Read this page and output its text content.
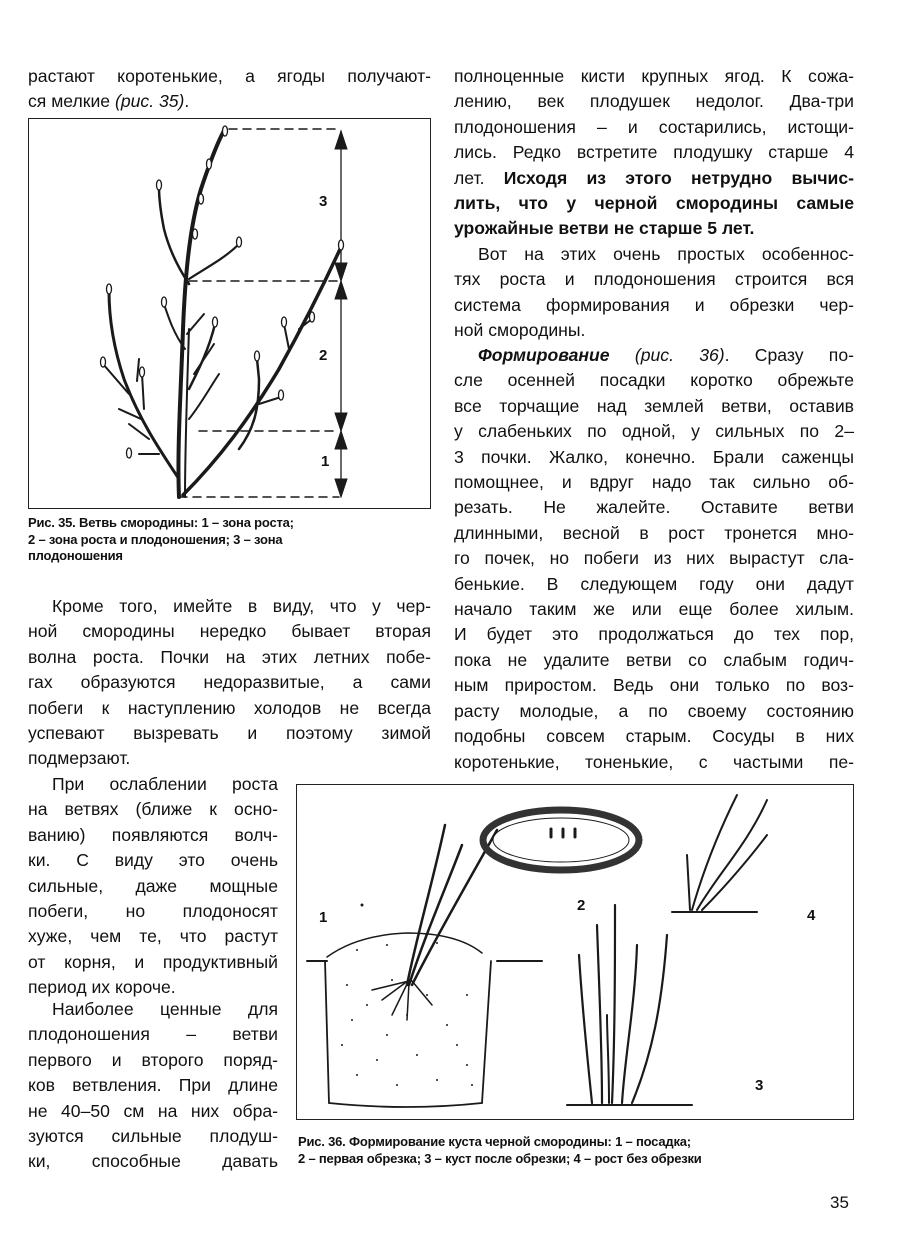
растают коротенькие, а ягоды получают-
ся мелкие (рис. 35).
3
2
1
Рис. 35. Ветвь смородины: 1 – зона роста;
2 – зона роста и плодоношения; 3 – зона
плодоношения
Кроме того, имейте в виду, что у чер-
ной смородины нередко бывает вторая
волна роста. Почки на этих летних побе-
гах образуются недоразвитые, а сами
побеги к наступлению холодов не всегда
успевают вызревать и поэтому зимой
подмерзают.
При ослаблении роста
на ветвях (ближе к осно-
ванию) появляются волч-
ки. С виду это очень
сильные, даже мощные
побеги, но плодоносят
хуже, чем те, что растут
от корня, и продуктивный
период их короче.
Наиболее ценные для
плодоношения – ветви
первого и второго поряд-
ков ветвления. При длине
не 40–50 см на них обра-
зуются сильные плодуш-
ки, способные давать
полноценные кисти крупных ягод. К сожа-
лению, век плодушек недолог. Два-три
плодоношения – и состарились, истощи-
лись. Редко встретите плодушку старше 4
лет. Исходя из этого нетрудно вычис-
лить, что у черной смородины самые
урожайные ветви не старше 5 лет.
Вот на этих очень простых особеннос-
тях роста и плодоношения строится вся
система формирования и обрезки чер-
ной смородины.
Формирование (рис. 36). Сразу по-
сле осенней посадки коротко обрежьте
все торчащие над землей ветви, оставив
у слабеньких по одной, у сильных по 2–
3 почки. Жалко, конечно. Брали саженцы
помощнее, и вдруг надо так сильно об-
резать. Не жалейте. Оставите ветви
длинными, весной в рост тронется мно-
го почек, но побеги из них вырастут сла-
бенькие. В следующем году они дадут
начало таким же или еще более хилым.
И будет это продолжаться до тех пор,
пока не удалите ветви со слабым годич-
ным приростом. Ведь они только по воз-
расту молодые, а по своему состоянию
подобны совсем старым. Сосуды в них
коротенькие, тоненькие, с частыми пе-
1
2
3
4
Рис. 36. Формирование куста черной смородины: 1 – посадка;
2 – первая обрезка; 3 – куст после обрезки; 4 – рост без обрезки
35
